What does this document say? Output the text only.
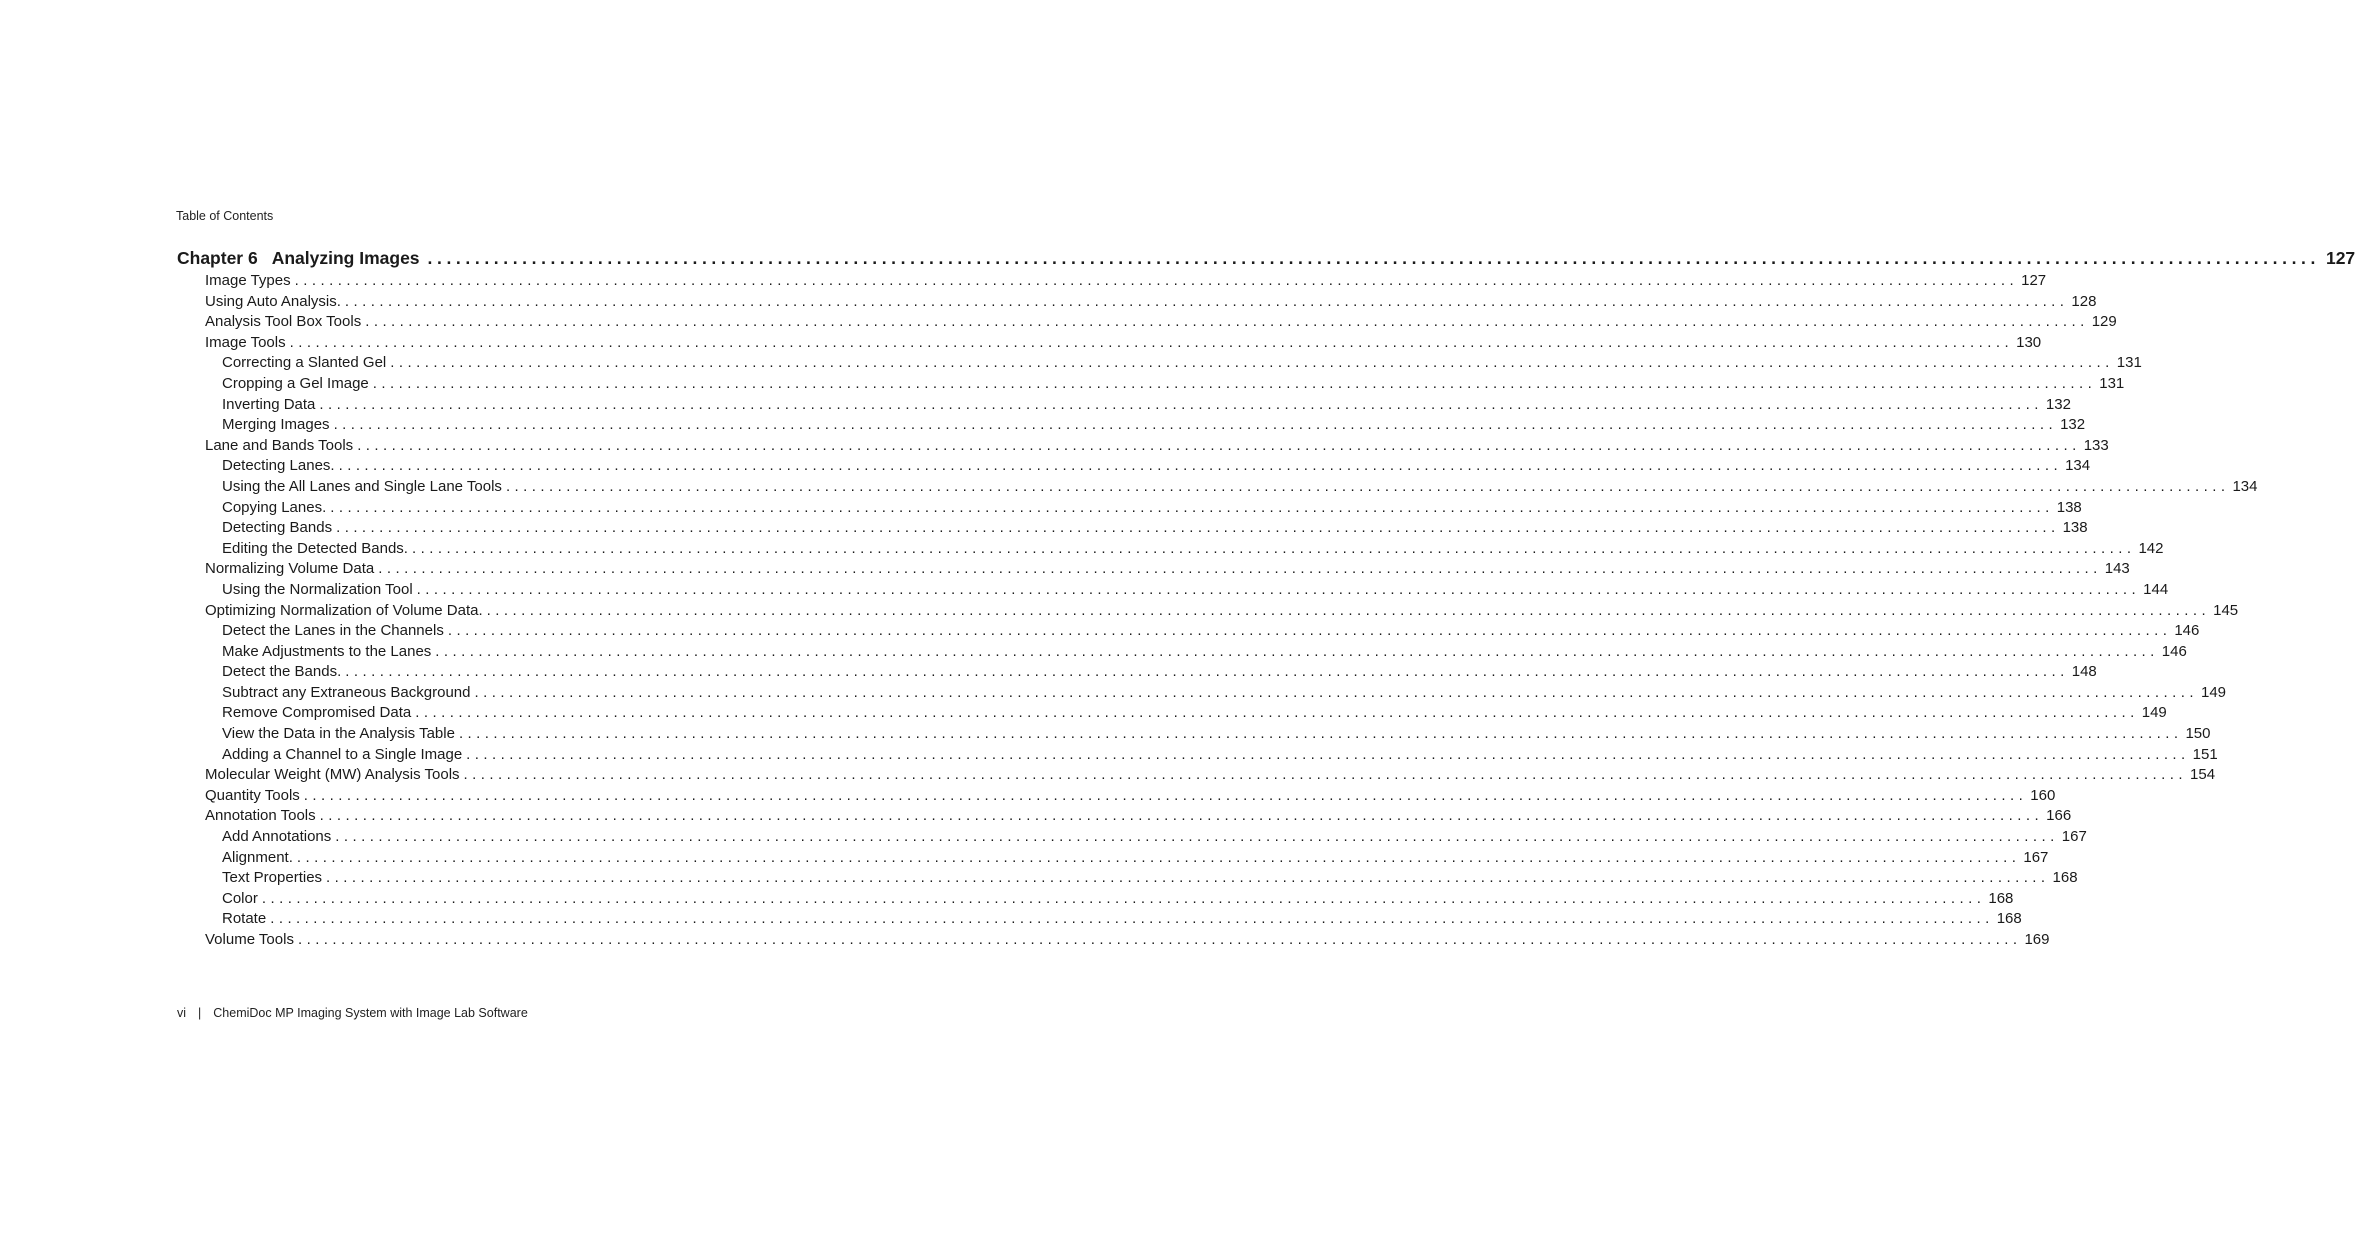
Table of Contents
Chapter 6 Analyzing Images ........................................................................................................................................................................................................ 127
Image Types ........................................................................................................................................................................................................ 127
Using Auto Analysis. ........................................................................................................................................................................................................ 128
Analysis Tool Box Tools ........................................................................................................................................................................................................ 129
Image Tools ........................................................................................................................................................................................................ 130
Correcting a Slanted Gel ........................................................................................................................................................................................................ 131
Cropping a Gel Image ........................................................................................................................................................................................................ 131
Inverting Data ........................................................................................................................................................................................................ 132
Merging Images ........................................................................................................................................................................................................ 132
Lane and Bands Tools ........................................................................................................................................................................................................ 133
Detecting Lanes. ........................................................................................................................................................................................................ 134
Using the All Lanes and Single Lane Tools ........................................................................................................................................................................................................ 134
Copying Lanes. ........................................................................................................................................................................................................ 138
Detecting Bands ........................................................................................................................................................................................................ 138
Editing the Detected Bands. ........................................................................................................................................................................................................ 142
Normalizing Volume Data ........................................................................................................................................................................................................ 143
Using the Normalization Tool ........................................................................................................................................................................................................ 144
Optimizing Normalization of Volume Data. ........................................................................................................................................................................................................ 145
Detect the Lanes in the Channels ........................................................................................................................................................................................................ 146
Make Adjustments to the Lanes ........................................................................................................................................................................................................ 146
Detect the Bands. ........................................................................................................................................................................................................ 148
Subtract any Extraneous Background ........................................................................................................................................................................................................ 149
Remove Compromised Data ........................................................................................................................................................................................................ 149
View the Data in the Analysis Table ........................................................................................................................................................................................................ 150
Adding a Channel to a Single Image ........................................................................................................................................................................................................ 151
Molecular Weight (MW) Analysis Tools ........................................................................................................................................................................................................ 154
Quantity Tools ........................................................................................................................................................................................................ 160
Annotation Tools ........................................................................................................................................................................................................ 166
Add Annotations ........................................................................................................................................................................................................ 167
Alignment. ........................................................................................................................................................................................................ 167
Text Properties ........................................................................................................................................................................................................ 168
Color ........................................................................................................................................................................................................ 168
Rotate ........................................................................................................................................................................................................ 168
Volume Tools ........................................................................................................................................................................................................ 169
vi | ChemiDoc MP Imaging System with Image Lab Software
